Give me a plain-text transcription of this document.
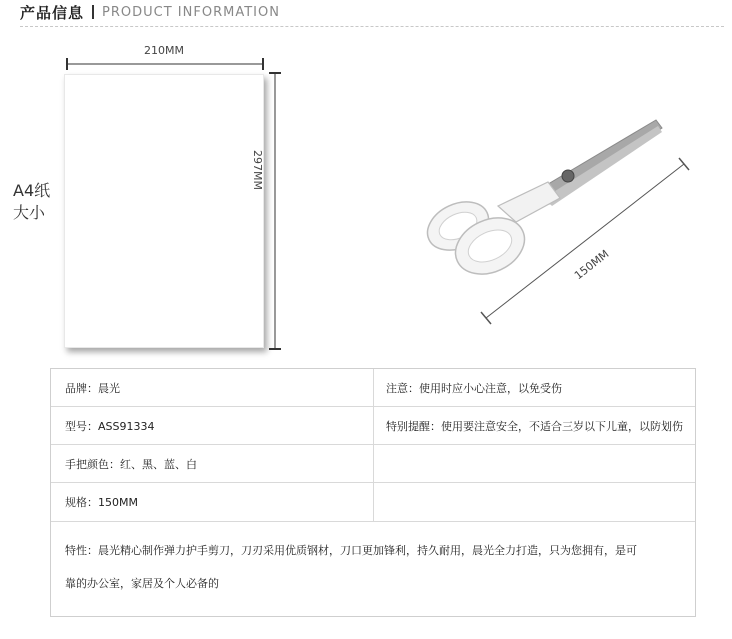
产品信息 PRODUCT INFORMATION
A4纸
大小
210MM
297MM
150MM
品牌：晨光	注意：使用时应小心注意，以免受伤
型号：ASS91334	特别提醒：使用要注意安全，不适合三岁以下儿童，以防划伤
手把颜色：红、黑、蓝、白
规格：150MM
特性：晨光精心制作弹力护手剪刀，刀刃采用优质钢材，刀口更加锋利，持久耐用，晨光全力打造，只为您拥有，是可
靠的办公室，家居及个人必备的
